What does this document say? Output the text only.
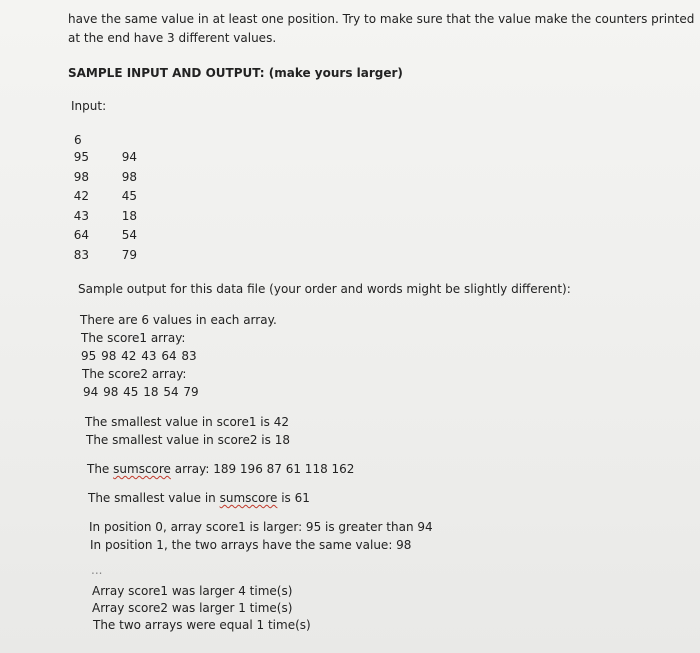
have the same value in at least one position. Try to make sure that the value make the counters printed
at the end have 3 different values.
SAMPLE INPUT AND OUTPUT: (make yours larger)
Input:
6
95	94
98	98
42	45
43	18
64	54
83	79
Sample output for this data file (your order and words might be slightly different):
There are 6 values in each array.
The score1 array:
95 98 42 43 64 83
The score2 array:
94 98 45 18 54 79
The smallest value in score1 is 42
The smallest value in score2 is 18
The sumscore array: 189 196 87 61 118 162
The smallest value in sumscore is 61
In position 0, array score1 is larger: 95 is greater than 94
In position 1, the two arrays have the same value: 98
...
Array score1 was larger 4 time(s)
Array score2 was larger 1 time(s)
The two arrays were equal 1 time(s)
